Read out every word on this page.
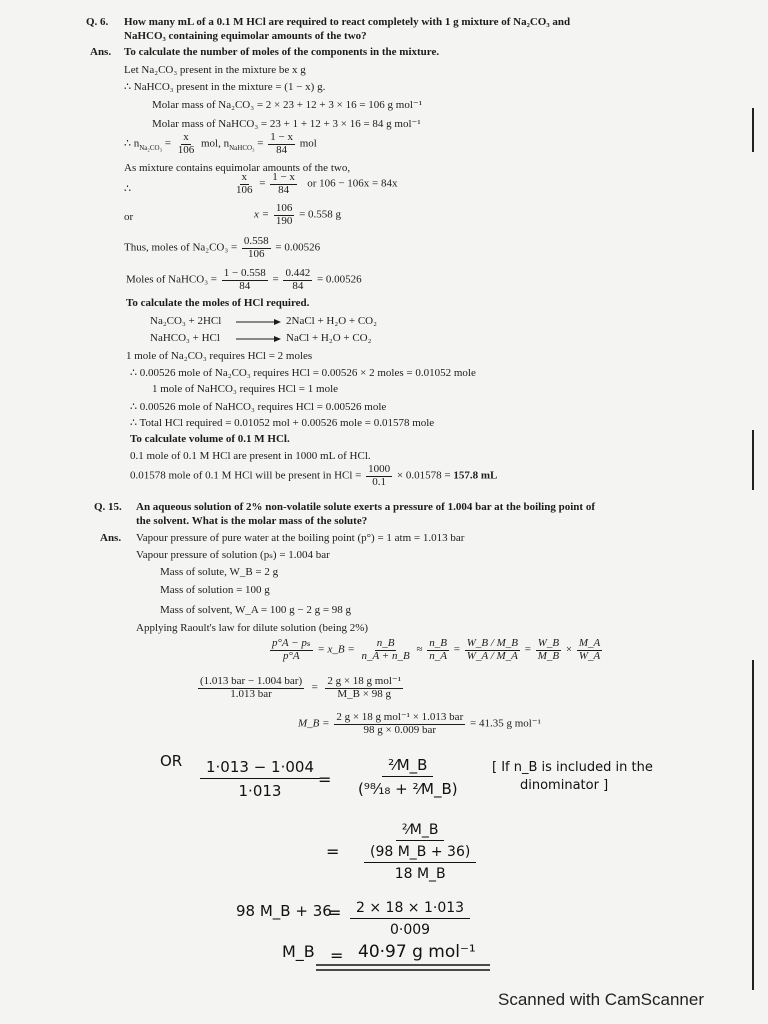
Q. 6. How many mL of a 0.1 M HCl are required to react completely with 1 g mixture of Na₂CO₃ and
NaHCO₃ containing equimolar amounts of the two?
Ans. To calculate the number of moles of the components in the mixture.
Let Na₂CO₃ present in the mixture be x g
∴ NaHCO₃ present in the mixture = (1 − x) g.
Molar mass of Na₂CO₃ = 2 × 23 + 12 + 3 × 16 = 106 g mol⁻¹
Molar mass of NaHCO₃ = 23 + 1 + 12 + 3 × 16 = 84 g mol⁻¹
∴ $n_{Na_2CO_3} = \frac{x}{106}$ mol, $n_{NaHCO_3} = \frac{1 - x}{84}$ mol
As mixture contains equimolar amounts of the two,
∴	$\frac{x}{106} = \frac{1 - x}{84}$ or 106 − 106x = 84x
or	$x = \frac{106}{190} = 0.558$ g
Thus, moles of $Na_2CO_3 = \frac{0.558}{106} = 0.00526$
Moles of NaHCO₃ = $\frac{1 - 0.558}{84} = \frac{0.442}{84} = 0.00526$
To calculate the moles of HCl required.
Na₂CO₃ + 2HCl	2NaCl + H₂O + CO₂
NaHCO₃ + HCl	NaCl + H₂O + CO₂
1 mole of Na₂CO₃ requires HCl = 2 moles
∴ 0.00526 mole of Na₂CO₃ requires HCl = 0.00526 × 2 moles = 0.01052 mole
1 mole of NaHCO₃ requires HCl = 1 mole
∴ 0.00526 mole of NaHCO₃ requires HCl = 0.00526 mole
∴ Total HCl required = 0.01052 mol + 0.00526 mole = 0.01578 mole
To calculate volume of 0.1 M HCl.
0.1 mole of 0.1 M HCl are present in 1000 mL of HCl.
0.01578 mole of 0.1 M HCl will be present in HCl = $\frac{1000}{0.1} \times 0.01578 = 157.8$ mL
Q. 15. An aqueous solution of 2% non-volatile solute exerts a pressure of 1.004 bar at the boiling point of
the solvent. What is the molar mass of the solute?
Ans. Vapour pressure of pure water at the boiling point (p°) = 1 atm = 1.013 bar
Vapour pressure of solution (pₛ) = 1.004 bar
Mass of solute, W_B = 2 g
Mass of solution = 100 g
Mass of solvent, W_A = 100 g − 2 g = 98 g
Applying Raoult's law for dilute solution (being 2%)
$\frac{\text{p°A − pₛ}}{p^\circ A}$ = x_B = $\frac{n\_B}{n\_A + n\_B} \approx \frac{n\_B}{n\_A} = \frac{W\_B / M\_B}{W\_A / M\_A} = \frac{W\_B}{M\_B} \times \frac{M\_A}{W\_A}$
$\frac{\text{(1.013 bar − 1.004 bar)}}{\text{1.013 bar}} = \frac{\text{2 g × 18 g mol⁻¹}}{M\_B \times 98 g}$
M_B = $\frac{\text{2 g × 18 g mol⁻¹ × 1.013 bar}}{\text{98 g × 0.009 bar}} = 41.35$ g mol⁻¹
OR $\frac{1\cdot 013 - 1\cdot 004}{1\cdot 013}$
= $\frac{\text{²⁄M\_B}}{\text{(⁹⁸⁄₁₈ + ²⁄M\_B)}}$ [ If n_B is included in the
dinominator ]
= $\frac{\text{²⁄M\_B}}{\frac{(98 M\_B + 36)}{18 M\_B}}$
98 M_B + 36
= $\frac{2 \times 18 \times 1\cdot 013}{0\cdot 009}$
M_B = 40·97 g mol⁻¹
Scanned with CamScanner
